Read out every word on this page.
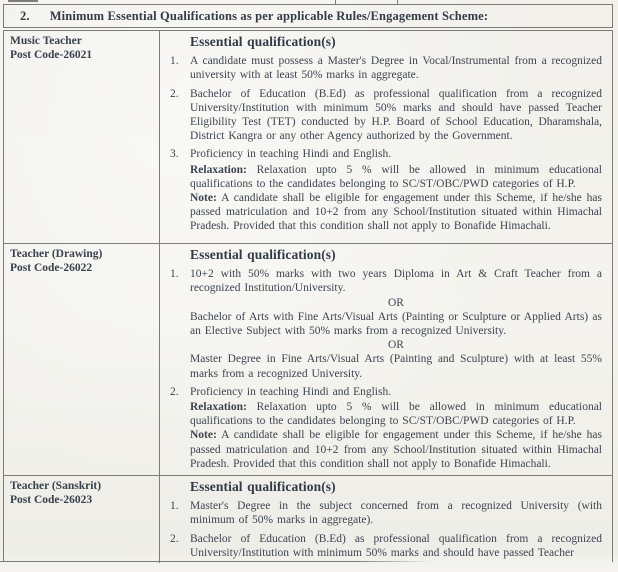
2. Minimum Essential Qualifications as per applicable Rules/Engagement Scheme:
Music Teacher
Post Code-26021
Essential qualification(s)
1. A candidate must possess a Master's Degree in Vocal/Instrumental from a recognized university with at least 50% marks in aggregate.
2. Bachelor of Education (B.Ed) as professional qualification from a recognized University/Institution with minimum 50% marks and should have passed Teacher Eligibility Test (TET) conducted by H.P. Board of School Education, Dharamshala, District Kangra or any other Agency authorized by the Government.
3. Proficiency in teaching Hindi and English.

Relaxation: Relaxation upto 5 % will be allowed in minimum educational qualifications to the candidates belonging to SC/ST/OBC/PWD categories of H.P.

Note: A candidate shall be eligible for engagement under this Scheme, if he/she has passed matriculation and 10+2 from any School/Institution situated within Himachal Pradesh. Provided that this condition shall not apply to Bonafide Himachali.

Teacher (Drawing)
Post Code-26022
Essential qualification(s)
1. 10+2 with 50% marks with two years Diploma in Art & Craft Teacher from a recognized Institution/University.
OR
Bachelor of Arts with Fine Arts/Visual Arts (Painting or Sculpture or Applied Arts) as an Elective Subject with 50% marks from a recognized University.
OR
Master Degree in Fine Arts/Visual Arts (Painting and Sculpture) with at least 55% marks from a recognized University.
2. Proficiency in teaching Hindi and English.

Relaxation: Relaxation upto 5 % will be allowed in minimum educational qualifications to the candidates belonging to SC/ST/OBC/PWD categories of H.P.

Note: A candidate shall be eligible for engagement under this Scheme, if he/she has passed matriculation and 10+2 from any School/Institution situated within Himachal Pradesh. Provided that this condition shall not apply to Bonafide Himachali.

Teacher (Sanskrit)
Post Code-26023
Essential qualification(s)
1. Master's Degree in the subject concerned from a recognized University (with minimum of 50% marks in aggregate).
2. Bachelor of Education (B.Ed) as professional qualification from a recognized University/Institution with minimum 50% marks and should have passed Teacher
